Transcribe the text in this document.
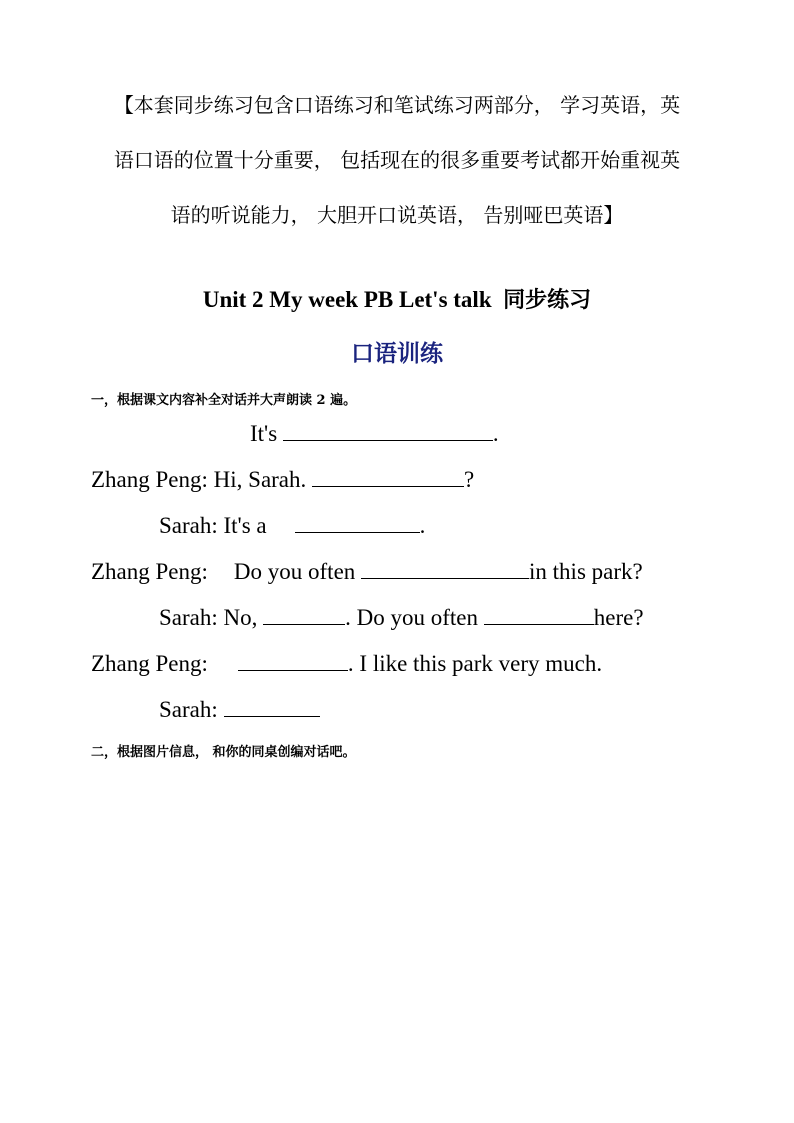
【本套同步练习包含口语练习和笔试练习两部分， 学习英语，英
语口语的位置十分重要， 包括现在的很多重要考试都开始重视英
语的听说能力， 大胆开口说英语， 告别哑巴英语】
Unit 2 My week PB Let's talk 同步练习
口语训练
一，根据课文内容补全对话并大声朗读 2 遍。
It's	.
Zhang Peng: Hi, Sarah.	?
Sarah: It's a	.
Zhang Peng: Do you often	in this park?
Sarah: No,	. Do you often	here?
Zhang Peng:	. I like this park very much.
Sarah:
二，根据图片信息， 和你的同桌创编对话吧。
